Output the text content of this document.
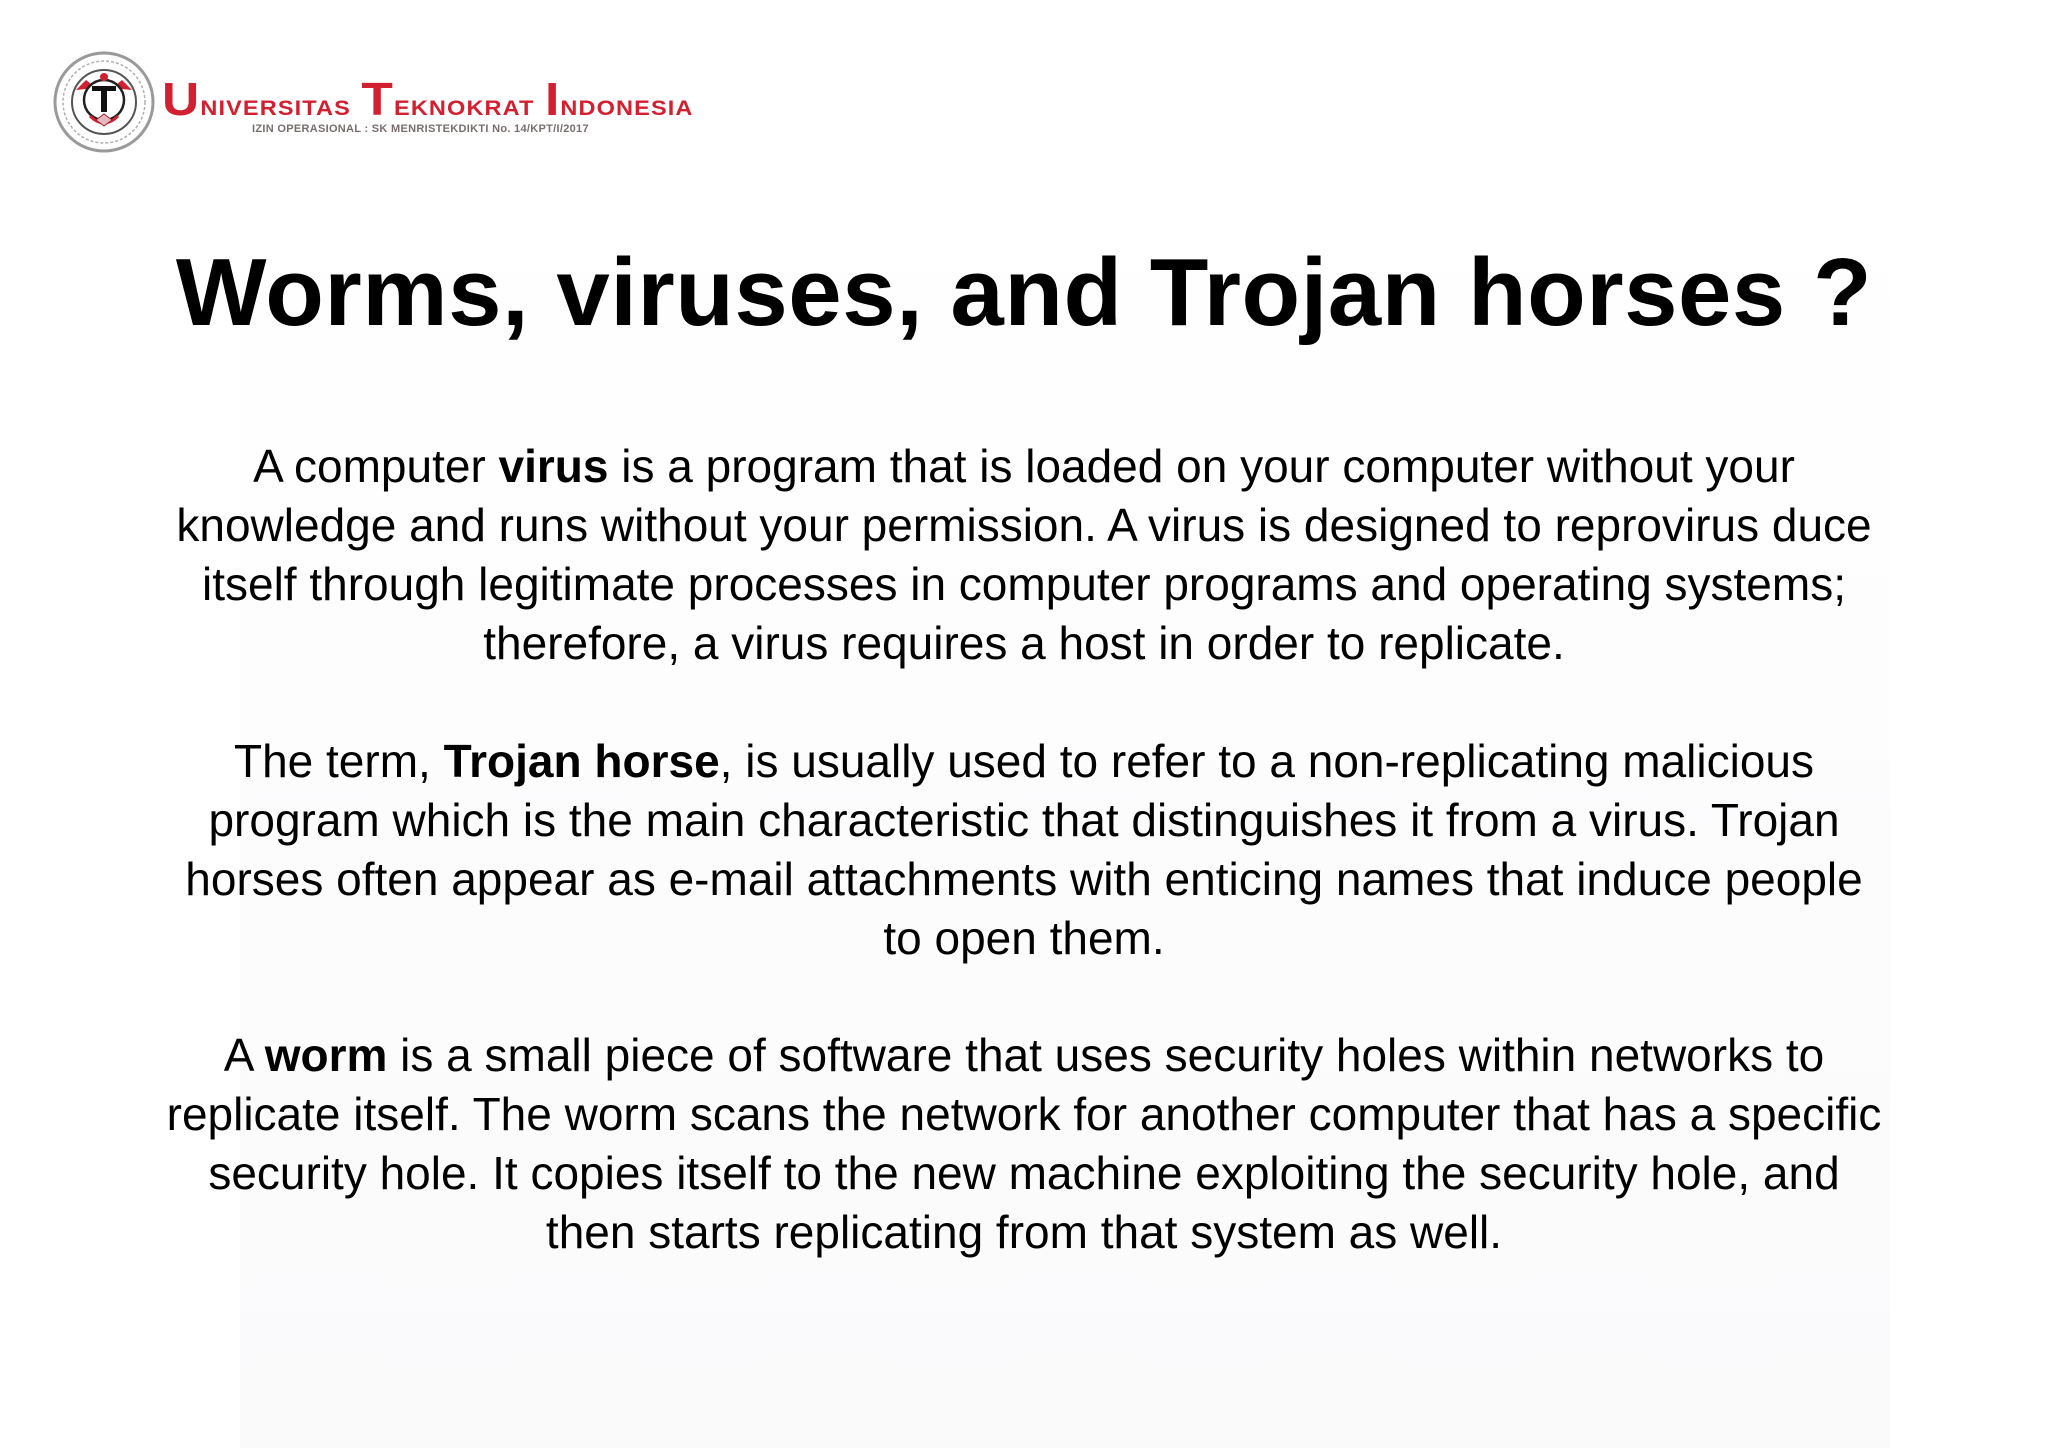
Universitas Teknokrat Indonesia
IZIN OPERASIONAL : SK MENRISTEKDIKTI No. 14/KPT/I/2017
Worms, viruses, and Trojan horses ?

A computer virus is a program that is loaded on your computer without your knowledge and runs without your permission. A virus is designed to reprovirus duce itself through legitimate processes in computer programs and operating systems; therefore, a virus requires a host in order to replicate.

The term, Trojan horse, is usually used to refer to a non-replicating malicious program which is the main characteristic that distinguishes it from a virus. Trojan horses often appear as e-mail attachments with enticing names that induce people to open them.

A worm is a small piece of software that uses security holes within networks to replicate itself. The worm scans the network for another computer that has a specific security hole. It copies itself to the new machine exploiting the security hole, and then starts replicating from that system as well.
